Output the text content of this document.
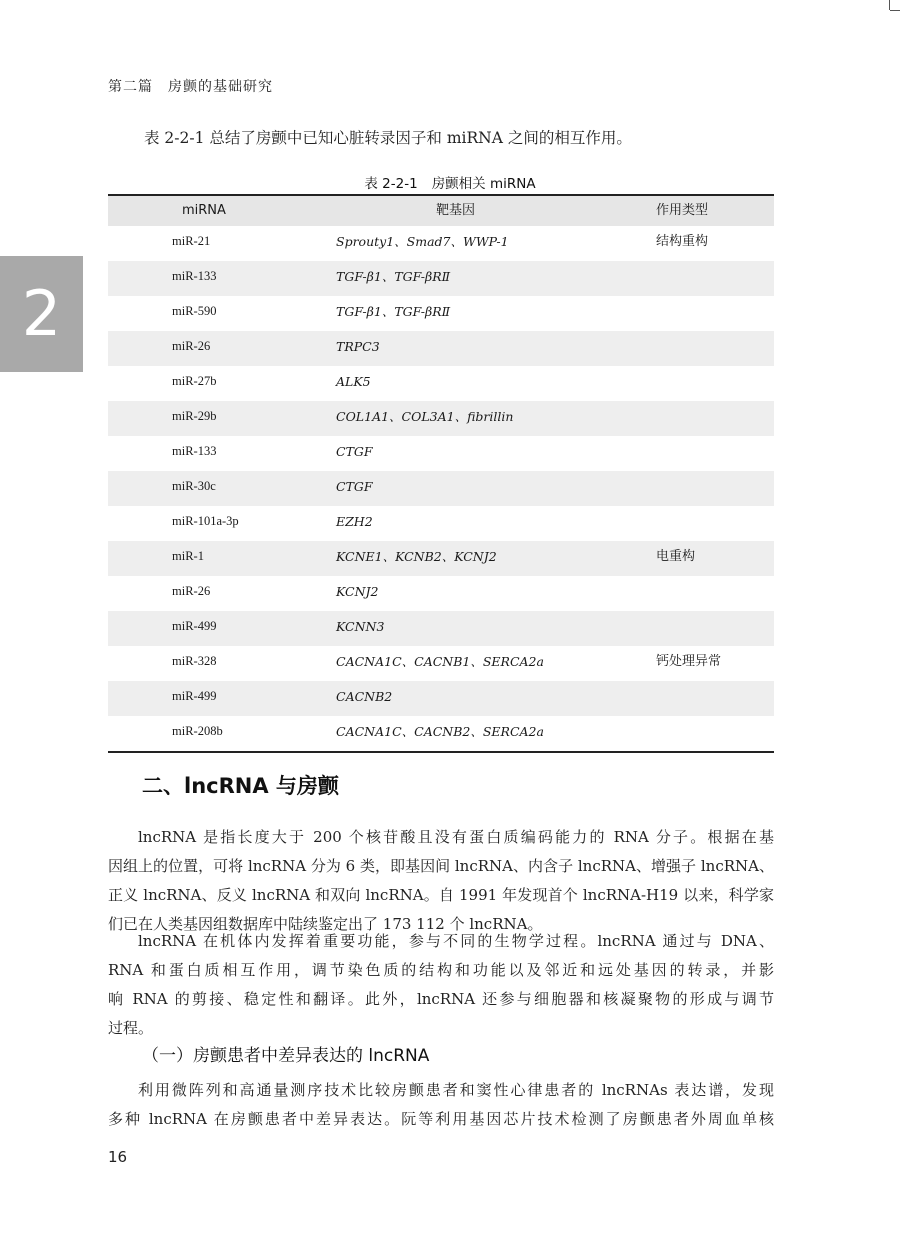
第二篇　房颤的基础研究
2
表 2-2-1 总结了房颤中已知心脏转录因子和 miRNA 之间的相互作用。
表 2-2-1 房颤相关 miRNA
miRNA	靶基因	作用类型
miR-21	Sprouty1、Smad7、WWP-1	结构重构
miR-133	TGF-β1、TGF-βRⅡ
miR-590	TGF-β1、TGF-βRⅡ
miR-26	TRPC3
miR-27b	ALK5
miR-29b	COL1A1、COL3A1、fibrillin
miR-133	CTGF
miR-30c	CTGF
miR-101a-3p	EZH2
miR-1	KCNE1、KCNB2、KCNJ2	电重构
miR-26	KCNJ2
miR-499	KCNN3
miR-328	CACNA1C、CACNB1、SERCA2a	钙处理异常
miR-499	CACNB2
miR-208b	CACNA1C、CACNB2、SERCA2a
二、lncRNA 与房颤
lncRNA 是指长度大于 200 个核苷酸且没有蛋白质编码能力的 RNA 分子。根据在基
因组上的位置，可将 lncRNA 分为 6 类，即基因间 lncRNA、内含子 lncRNA、增强子 lncRNA、
正义 lncRNA、反义 lncRNA 和双向 lncRNA。自 1991 年发现首个 lncRNA-H19 以来，科学家
们已在人类基因组数据库中陆续鉴定出了 173 112 个 lncRNA。
lncRNA 在机体内发挥着重要功能，参与不同的生物学过程。lncRNA 通过与 DNA、
RNA 和蛋白质相互作用，调节染色质的结构和功能以及邻近和远处基因的转录，并影
响 RNA 的剪接、稳定性和翻译。此外，lncRNA 还参与细胞器和核凝聚物的形成与调节
过程。
（一）房颤患者中差异表达的 lncRNA
利用微阵列和高通量测序技术比较房颤患者和窦性心律患者的 lncRNAs 表达谱，发现
多种 lncRNA 在房颤患者中差异表达。阮等利用基因芯片技术检测了房颤患者外周血单核
16
